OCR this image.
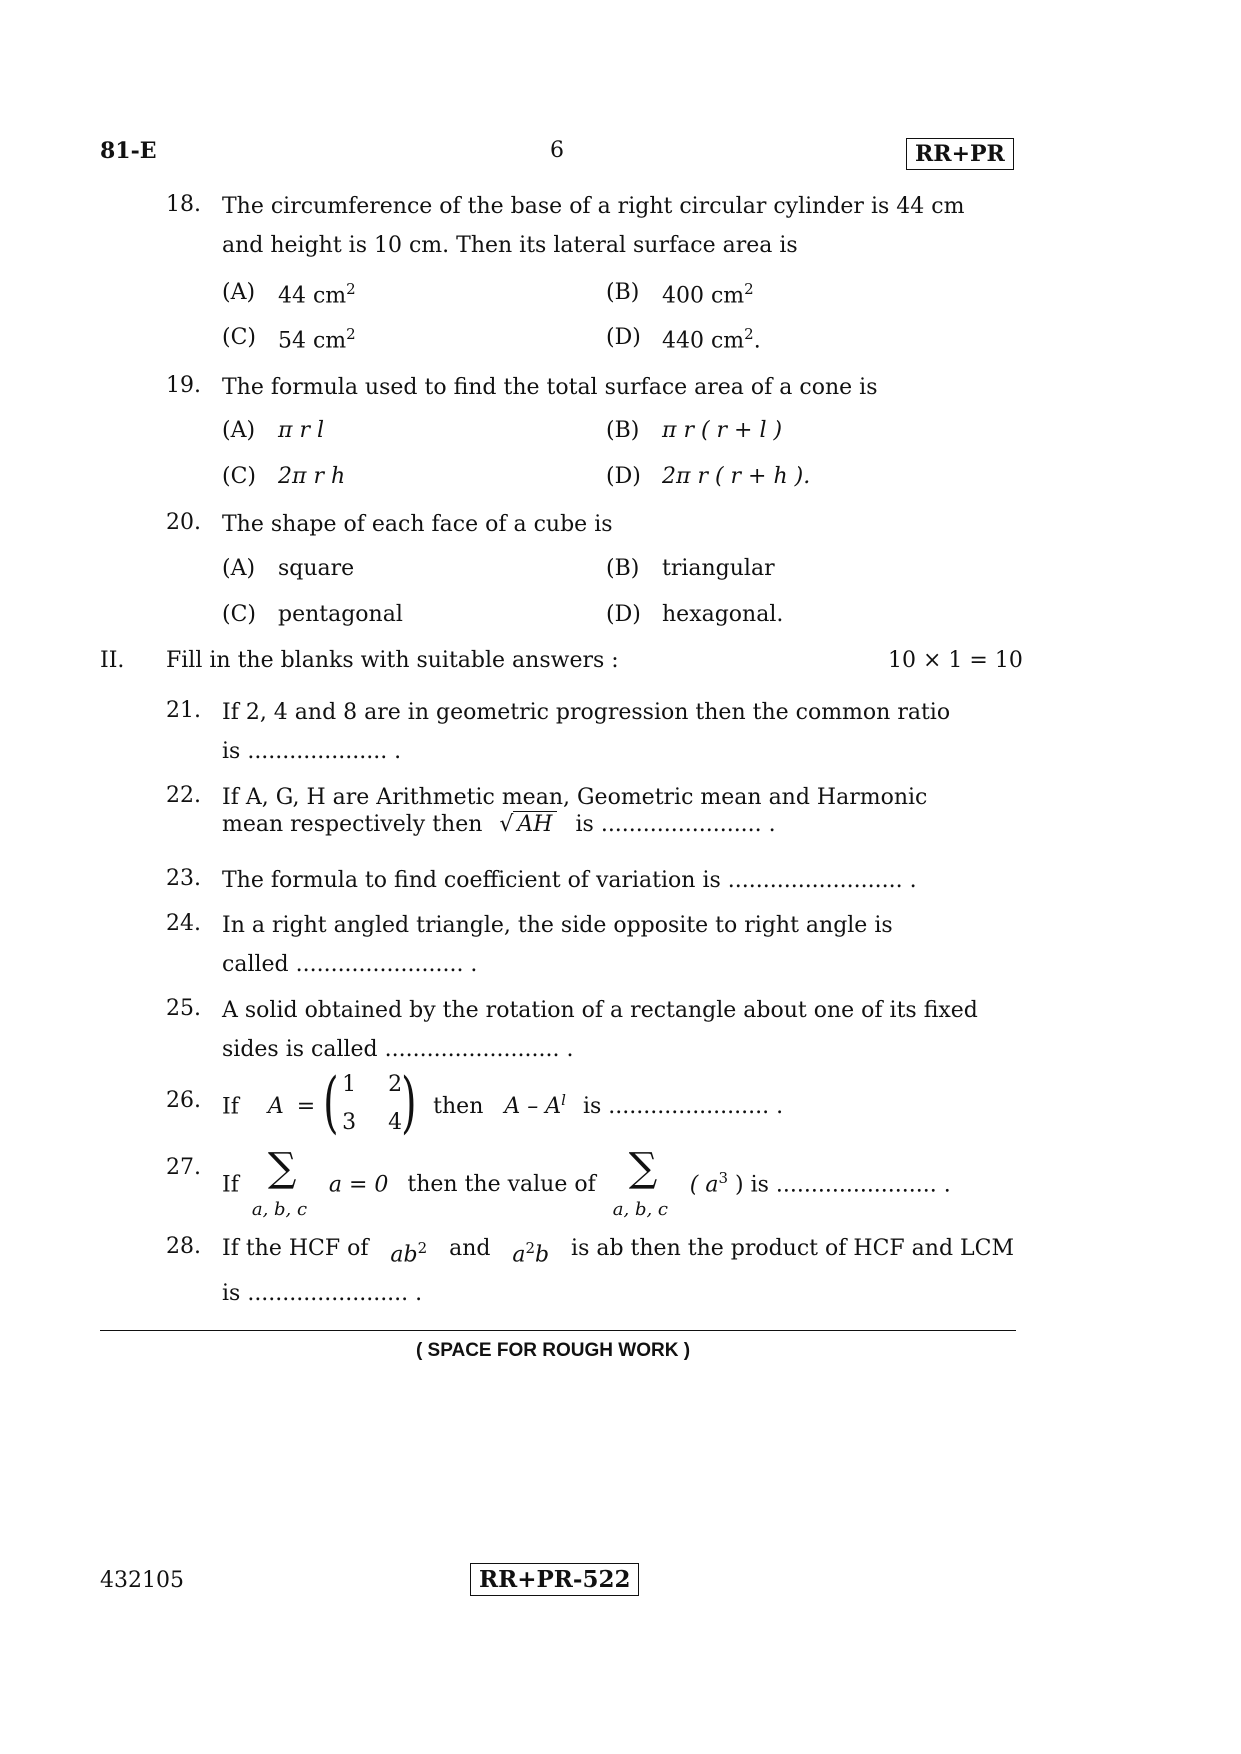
81-E	6	RR+PR
18. The circumference of the base of a right circular cylinder is 44 cm
and height is 10 cm. Then its lateral surface area is
(A) 44 $cm^2$	(B) 400 $cm^2$
(C) 54 $cm^2$	(D) 440 $cm^2$.
19. The formula used to find the total surface area of a cone is
(A) π r l	(B) π r ( r + l )
(C) 2π r h	(D) 2π r ( r + h ).
20. The shape of each face of a cube is
(A) square	(B) triangular
(C) pentagonal	(D) hexagonal.
II. Fill in the blanks with suitable answers :	10 × 1 = 10
21. If 2, 4 and 8 are in geometric progression then the common ratio
is .................... .
22. If A, G, H are Arithmetic mean, Geometric mean and Harmonic
mean respectively then √ AH is ....................... .
23. The formula to find coefficient of variation is ......................... .
24. In a right angled triangle, the side opposite to right angle is
called ........................ .
25. A solid obtained by the rotation of a rectangle about one of its fixed
sides is called ......................... .
26. If A = ( 1 2
3 4 ) then A – $A^l$ is ....................... .
27.
If ∑
a, b, c
a = 0 then the value of ∑
a, b, c
( $a^3$ ) is ....................... .
28. If the HCF of $ab^2$ and $a^2b$ is ab then the product of HCF and LCM
is ....................... .
( SPACE FOR ROUGH WORK )
432105	RR+PR-522
